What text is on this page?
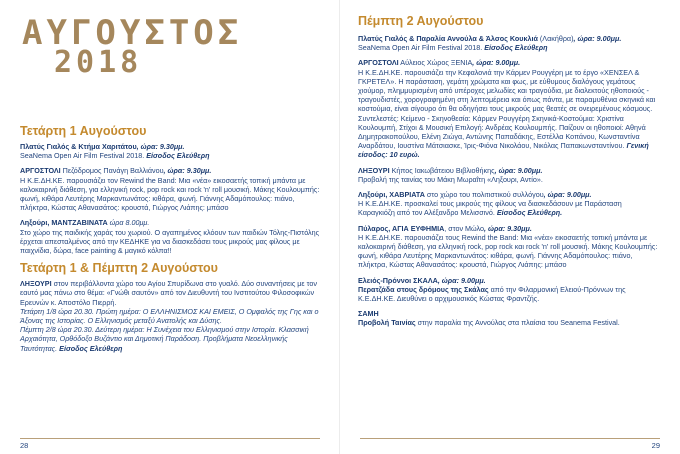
ΑΥΓΟΥΣΤΟΣ
2018
Τετάρτη 1 Αυγούστου
Πλατύς Γιαλός & Κτήμα Χαριτάτου, ώρα: 9.30μμ.
SeaNema Open Air Film Festival 2018. Είσοδος Ελεύθερη
ΑΡΓΟΣΤΟΛΙ Πεζόδρομος Πανάγη Βαλλιάνου, ώρα: 9.30μμ.
Η Κ.Ε.ΔΗ.ΚΕ. παρουσιάζει τον Rewind the Band: Μια «νέα» εικοσαετής τοπική μπάντα με καλοκαιρινή διάθεση, για ελληνική rock, pop rock και rock 'n' roll μουσική. Μάκης Κουλουμπής: φωνή, κιθάρα Λευτέρης Μαρκαντωνάτος: κιθάρα, φωνή. Γιάννης Αδαμόπουλος: πιάνο, πλήκτρα, Κώστας Αθανασάτος: κρουστά, Γιώργος Λιάπης: μπάσο
Ληξούρι, ΜΑΝΤΖΑΒΙΝΑΤΑ ώρα 8.00μμ.
Στο χώρο της παιδικής χαράς του χωριού. Ο αγαπημένος κλόουν των παιδιών Τόλης-Πιστόλης έρχεται απεσταλμένος από την ΚΕΔΗΚΕ για να διασκεδάσει τους μικρούς μας φίλους με παιχνίδια, δώρα, face painting & μαγικό κόλπα!!
Τετάρτη 1 & Πέμπτη 2 Αυγούστου
ΛΗΞΟΥΡΙ στον περιβάλλοντα χώρο του Αγίου Σπυρίδωνα στο γυαλό. Δύο συναντήσεις με τον εαυτό μας πάνω στο θέμα: «Γνώθι σαυτόν» από τον Διευθυντή του Ινστιτούτου Φιλοσοφικών Ερευνών κ. Αποστόλο Πιερρή.
Τετάρτη 1/8 ώρα 20.30. Πρώτη ημέρα: Ο ΕΛΛΗΝΙΣΜΟΣ ΚΑΙ ΕΜΕΙΣ, Ο Ομφαλός της Γης και ο Άξονας της Ιστορίας. Ο Ελληνισμός μεταξύ Ανατολής και Δύσης.
Πέμπτη 2/8 ώρα 20.30. Δεύτερη ημέρα: Η Συνέχεια του Ελληνισμού στην Ιστορία. Κλασσική Αρχαιότητα, Ορθόδοξο Βυζάντιο και Δημοτική Παράδοση. Προβλήματα Νεοελληνικής Ταυτότητας. Είσοδος Ελεύθερη
28
Πέμπτη 2 Αυγούστου
Πλατύς Γιαλός & Παραλία Αννούλα & Άλσος Κουκλιά (Λακήθρα), ώρα: 9.00μμ.
SeaNema Open Air Film Festival 2018. Είσοδος Ελεύθερη
ΑΡΓΟΣΤΟΛΙ Αύλειος Χώρος ΞΕΝΙΑ, ώρα: 9.00μμ.
Η Κ.Ε.ΔΗ.ΚΕ. παρουσιάζει την Κεφαλονιά την Κάρμεν Ρουγγέρη με το έργο «ΧΕΝΣΕΛ & ΓΚΡΕΤΕΛ». Η παράσταση, γεμάτη χρώματα και φως, με εύθυμους διαλόγους γεμάτους χιούμορ, πλημμυρισμένη από υπέροχες μελωδίες και τραγούδια, με διαλεκτούς ηθοποιούς - τραγουδιστές, χορογραφημένη στη λεπτομέρεια και όπως πάντα, με παραμυθένια σκηνικά και κοστούμια, είναι σίγουρο ότι θα οδηγήσει τους μικρούς μας θεατές σε ονειρεμένους κόσμους. Συντελεστές: Κείμενο - Σκηνοθεσία: Κάρμεν Ρουγγέρη Σκηνικά-Κοστούμια: Χριστίνα Κουλουμπή, Στίχοι & Μουσική Επιλογή: Ανδρέας Κουλουμπής. Παίζουν οι ηθοποιοί: Αθηνά Δημητρακοπούλου, Ελένη Ζιώγα, Αντώνης Παπαδάκης, Εστέλλα Κοπάνου, Κωνσταντίνα Αναρδάτου, Ιουστίνα Μάτσιασκε, Ίρις-Φιόνα Νικολάου, Νικόλας Παπακωνσταντίνου. Γενική είσοδος: 10 ευρώ.
ΛΗΞΟΥΡΙ Κήπος Ιακωβάτειου Βιβλιοθήκης, ώρα: 9.00μμ.
Προβολή της ταινίας του Μάκη Μωραΐτη «Ληξουρι, Αντίο».
Ληξούρι, ΧΑΒΡΙΑΤΑ στο χώρο του πολιτιστικού συλλόγου, ώρα: 9.00μμ.
Η Κ.Ε.ΔΗ.ΚΕ. προσκαλεί τους μικρούς της φίλους να διασκεδάσουν με Παράσταση Καραγκιόζη από τον Αλέξανδρο Μελισσινό. Είσοδος Ελεύθερη.
Πύλαρος, ΑΓΙΑ ΕΥΦΗΜΙΑ, στον Μώλο, ώρα: 9.30μμ.
Η Κ.Ε.ΔΗ.ΚΕ. παρουσιάζει τους Rewind the Band: Μια «νέα» εικοσαετής τοπική μπάντα με καλοκαιρινή διάθεση, για ελληνική rock, pop rock και rock 'n' roll μουσική. Μάκης Κουλουμπής: φωνή, κιθάρα Λευτέρης Μαρκαντωνάτος: κιθάρα, φωνή. Γιάννης Αδαμόπουλος: πιάνο, πλήκτρα, Κώστας Αθανασάτος: κρουστά, Γιώργος Λιάπης: μπάσο
Ελειός-Πρόννοι ΣΚΑΛΑ, ώρα: 9.00μμ.
Περατζάδα στους δρόμους της Σκάλας από την Φιλαρμονική Ελειού-Πρόννων της Κ.Ε.ΔΗ.ΚΕ. Διευθύνει ο αρχιμουσικός Κώστας Φραντζής.
ΣΑΜΗ
Προβολή Ταινίας στην παραλία της Αννούλας στα πλαίσια του Seanema Festival.
29
